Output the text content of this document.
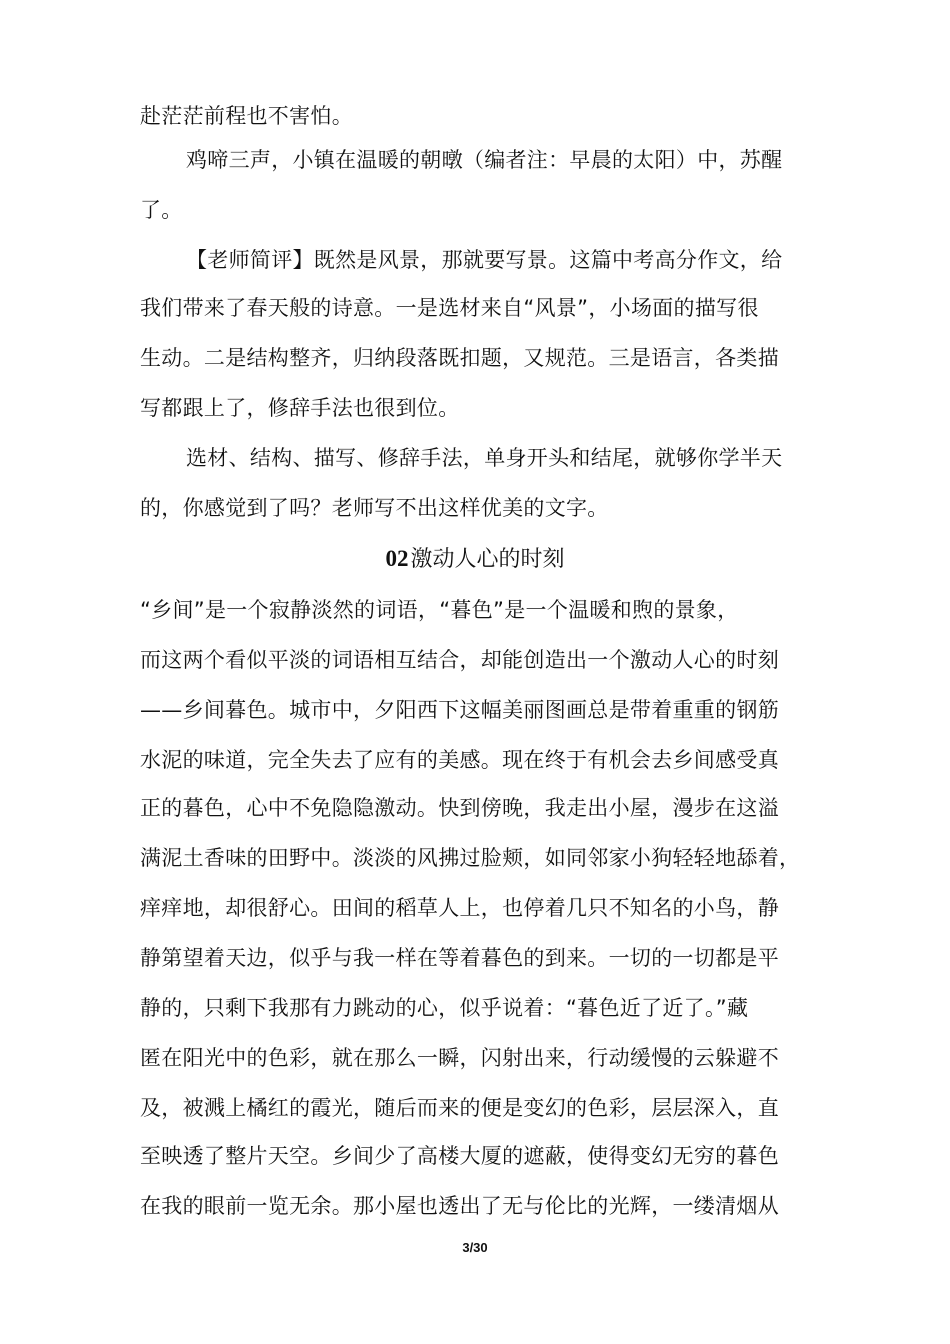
赴茫茫前程也不害怕。
鸡啼三声，小镇在温暖的朝暾（编者注：早晨的太阳）中，苏醒
了。
【老师简评】既然是风景，那就要写景。这篇中考高分作文，给
我们带来了春天般的诗意。一是选材来自“风景”，小场面的描写很
生动。二是结构整齐，归纳段落既扣题，又规范。三是语言，各类描
写都跟上了，修辞手法也很到位。
选材、结构、描写、修辞手法，单身开头和结尾，就够你学半天
的，你感觉到了吗？老师写不出这样优美的文字。
02激动人心的时刻
“乡间”是一个寂静淡然的词语，“暮色”是一个温暖和煦的景象，
而这两个看似平淡的词语相互结合，却能创造出一个激动人心的时刻
——乡间暮色。城市中，夕阳西下这幅美丽图画总是带着重重的钢筋
水泥的味道，完全失去了应有的美感。现在终于有机会去乡间感受真
正的暮色，心中不免隐隐激动。快到傍晚，我走出小屋，漫步在这溢
满泥土香味的田野中。淡淡的风拂过脸颊，如同邻家小狗轻轻地舔着，
痒痒地，却很舒心。田间的稻草人上，也停着几只不知名的小鸟，静
静第望着天边，似乎与我一样在等着暮色的到来。一切的一切都是平
静的，只剩下我那有力跳动的心，似乎说着：“暮色近了近了。”藏
匿在阳光中的色彩，就在那么一瞬，闪射出来，行动缓慢的云躲避不
及，被溅上橘红的霞光，随后而来的便是变幻的色彩，层层深入，直
至映透了整片天空。乡间少了高楼大厦的遮蔽，使得变幻无穷的暮色
在我的眼前一览无余。那小屋也透出了无与伦比的光辉，一缕清烟从
3/30
